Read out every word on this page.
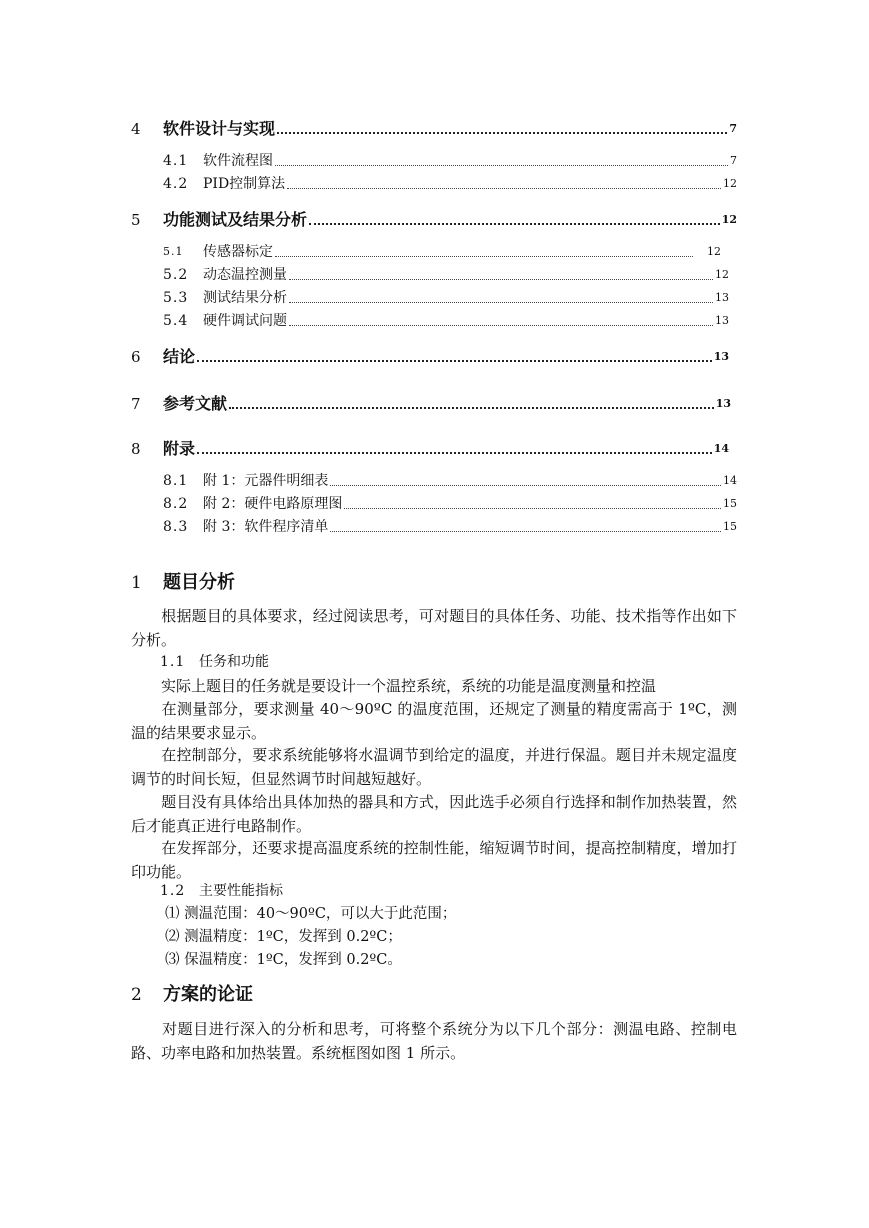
4	软件设计与实现	7
4.1	软件流程图	7
4.2	PID控制算法	12
5	功能测试及结果分析	12
5.1	传感器标定	12
5.2	动态温控测量	12
5.3	测试结果分析	13
5.4	硬件调试问题	13
6	结论	13
7	参考文献	13
8	附录	14
8.1	附 1：元器件明细表	14
8.2	附 2：硬件电路原理图	15
8.3	附 3：软件程序清单	15
1	题目分析
　　根据题目的具体要求，经过阅读思考，可对题目的具体任务、功能、技术指等作出如下分析。
1.1 任务和功能
　　实际上题目的任务就是要设计一个温控系统，系统的功能是温度测量和控温
　　在测量部分，要求测量 40～90ºC 的温度范围，还规定了测量的精度需高于 1ºC，测温的结果要求显示。
　　在控制部分，要求系统能够将水温调节到给定的温度，并进行保温。题目并未规定温度调节的时间长短，但显然调节时间越短越好。
　　题目没有具体给出具体加热的器具和方式，因此选手必须自行选择和制作加热装置，然后才能真正进行电路制作。
　　在发挥部分，还要求提高温度系统的控制性能，缩短调节时间，提高控制精度，增加打印功能。
1.2 主要性能指标
⑴ 测温范围：40～90ºC，可以大于此范围；
⑵ 测温精度：1ºC，发挥到 0.2ºC；
⑶ 保温精度：1ºC，发挥到 0.2ºC。
2	方案的论证
　　对题目进行深入的分析和思考，可将整个系统分为以下几个部分：测温电路、控制电路、功率电路和加热装置。系统框图如图 1 所示。
